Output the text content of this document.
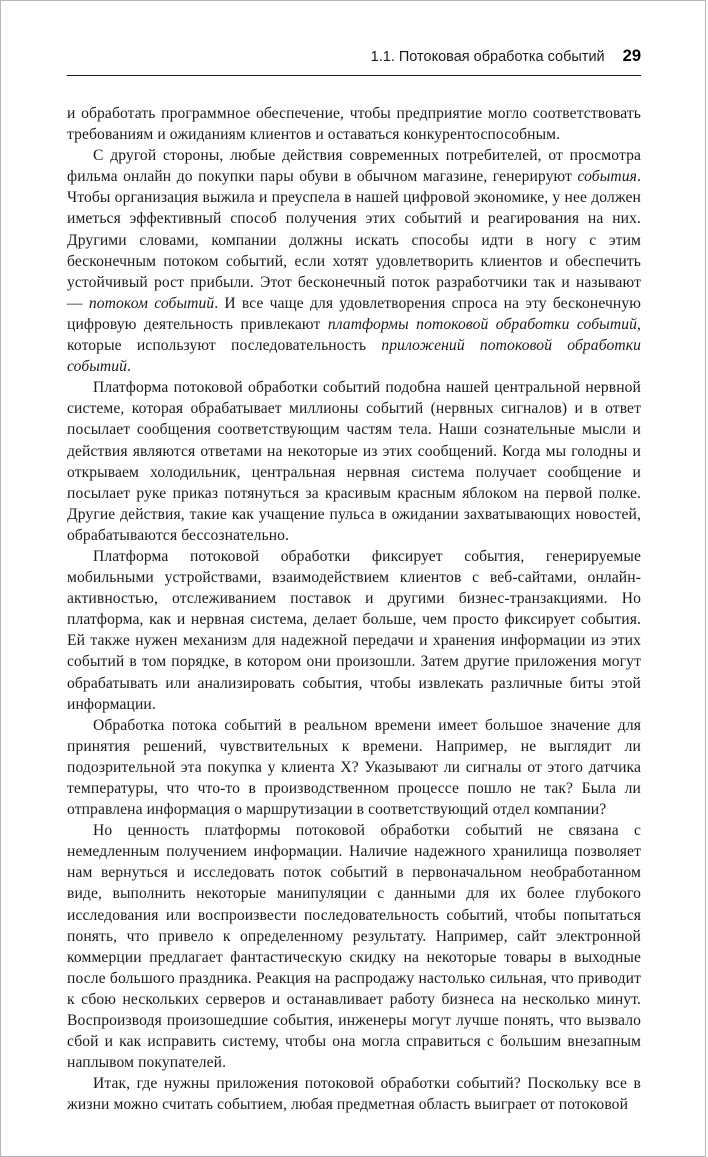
1.1. Потоковая обработка событий 29

и обработать программное обеспечение, чтобы предприятие могло соответствовать требованиям и ожиданиям клиентов и оставаться конкурентоспособным.

С другой стороны, любые действия современных потребителей, от просмотра фильма онлайн до покупки пары обуви в обычном магазине, генерируют события. Чтобы организация выжила и преуспела в нашей цифровой экономике, у нее должен иметься эффективный способ получения этих событий и реагирования на них. Другими словами, компании должны искать способы идти в ногу с этим бесконечным потоком событий, если хотят удовлетворить клиентов и обеспечить устойчивый рост прибыли. Этот бесконечный поток разработчики так и называют — потоком событий. И все чаще для удовлетворения спроса на эту бесконечную цифровую деятельность привлекают платформы потоковой обработки событий, которые используют последовательность приложений потоковой обработки событий.

Платформа потоковой обработки событий подобна нашей центральной нервной системе, которая обрабатывает миллионы событий (нервных сигналов) и в ответ посылает сообщения соответствующим частям тела. Наши сознательные мысли и действия являются ответами на некоторые из этих сообщений. Когда мы голодны и открываем холодильник, центральная нервная система получает сообщение и посылает руке приказ потянуться за красивым красным яблоком на первой полке. Другие действия, такие как учащение пульса в ожидании захватывающих новостей, обрабатываются бессознательно.

Платформа потоковой обработки фиксирует события, генерируемые мобильными устройствами, взаимодействием клиентов с веб-сайтами, онлайн-активностью, отслеживанием поставок и другими бизнес-транзакциями. Но платформа, как и нервная система, делает больше, чем просто фиксирует события. Ей также нужен механизм для надежной передачи и хранения информации из этих событий в том порядке, в котором они произошли. Затем другие приложения могут обрабатывать или анализировать события, чтобы извлекать различные биты этой информации.

Обработка потока событий в реальном времени имеет большое значение для принятия решений, чувствительных к времени. Например, не выглядит ли подозрительной эта покупка у клиента X? Указывают ли сигналы от этого датчика температуры, что что-то в производственном процессе пошло не так? Была ли отправлена информация о маршрутизации в соответствующий отдел компании?

Но ценность платформы потоковой обработки событий не связана с немедленным получением информации. Наличие надежного хранилища позволяет нам вернуться и исследовать поток событий в первоначальном необработанном виде, выполнить некоторые манипуляции с данными для их более глубокого исследования или воспроизвести последовательность событий, чтобы попытаться понять, что привело к определенному результату. Например, сайт электронной коммерции предлагает фантастическую скидку на некоторые товары в выходные после большого праздника. Реакция на распродажу настолько сильная, что приводит к сбою нескольких серверов и останавливает работу бизнеса на несколько минут. Воспроизводя произошедшие события, инженеры могут лучше понять, что вызвало сбой и как исправить систему, чтобы она могла справиться с большим внезапным наплывом покупателей.

Итак, где нужны приложения потоковой обработки событий? Поскольку все в жизни можно считать событием, любая предметная область выиграет от потоковой
